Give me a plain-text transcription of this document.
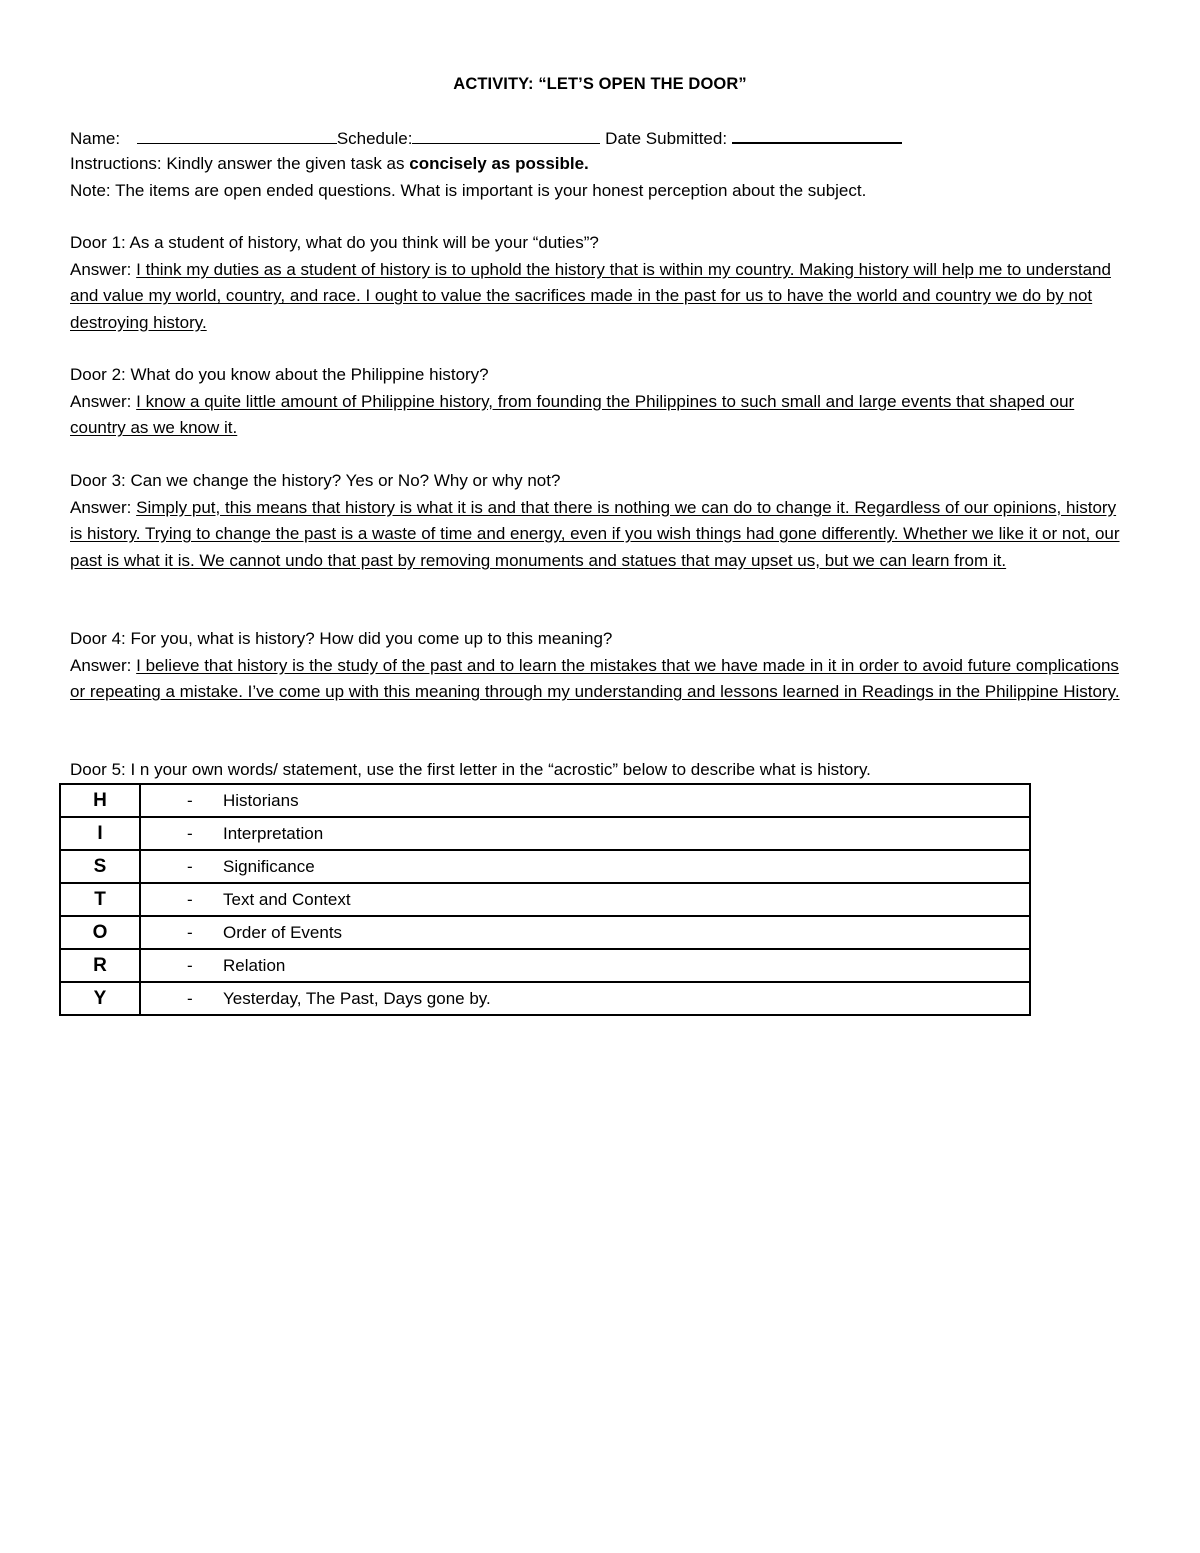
ACTIVITY: “LET’S OPEN THE DOOR”
Name:	Schedule:	Date Submitted:
Instructions: Kindly answer the given task as concisely as possible.
Note: The items are open ended questions. What is important is your honest perception about the subject.
Door 1: As a student of history, what do you think will be your “duties”?
Answer: I think my duties as a student of history is to uphold the history that is within my country. Making history will help me to understand and value my world, country, and race. I ought to value the sacrifices made in the past for us to have the world and country we do by not destroying history.
Door 2: What do you know about the Philippine history?
Answer: I know a quite little amount of Philippine history, from founding the Philippines to such small and large events that shaped our country as we know it.
Door 3: Can we change the history? Yes or No? Why or why not?
Answer: Simply put, this means that history is what it is and that there is nothing we can do to change it. Regardless of our opinions, history is history. Trying to change the past is a waste of time and energy, even if you wish things had gone differently. Whether we like it or not, our past is what it is. We cannot undo that past by removing monuments and statues that may upset us, but we can learn from it.
Door 4: For you, what is history? How did you come up to this meaning?
Answer: I believe that history is the study of the past and to learn the mistakes that we have made in it in order to avoid future complications or repeating a mistake. I’ve come up with this meaning through my understanding and lessons learned in Readings in the Philippine History.
Door 5: I n your own words/ statement, use the first letter in the “acrostic” below to describe what is history.
H	- Historians
I	- Interpretation
S	- Significance
T	- Text and Context
O	- Order of Events
R	- Relation
Y	- Yesterday, The Past, Days gone by.
